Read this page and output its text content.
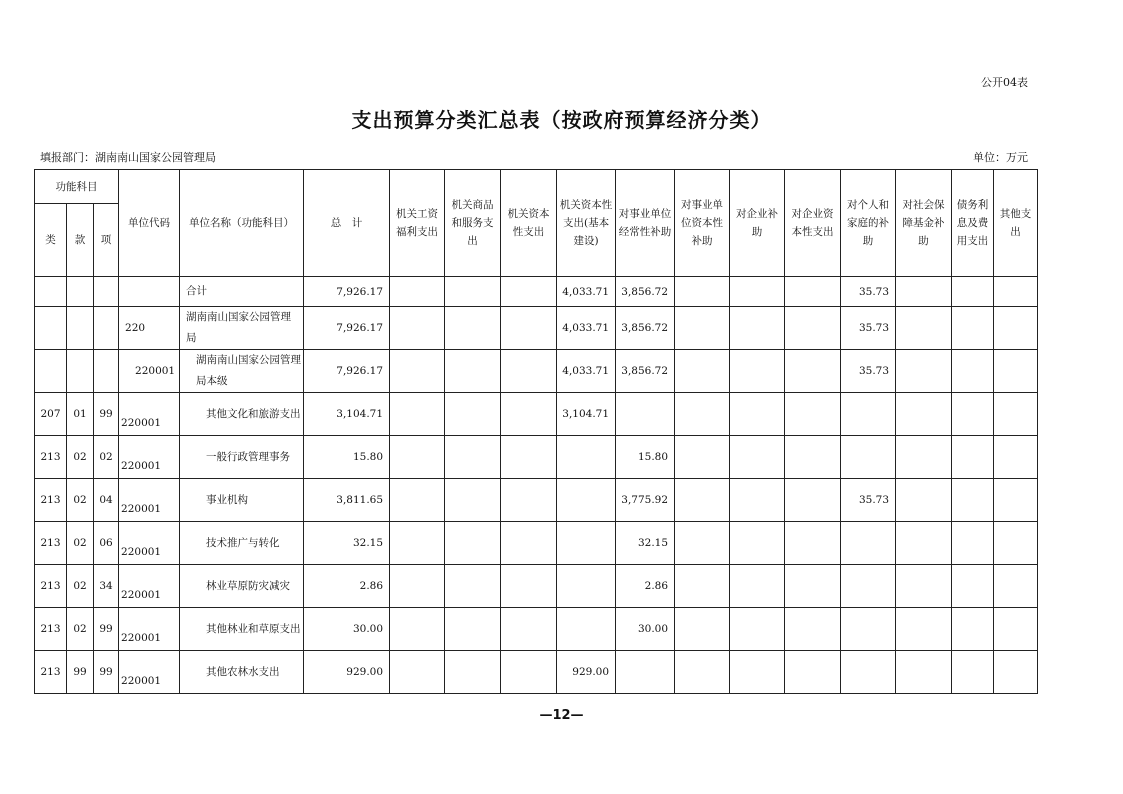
公开04表
支出预算分类汇总表（按政府预算经济分类）
填报部门：湖南南山国家公园管理局	单位：万元
功能科目			单位代码	单位名称（功能科目）	总　计	机关工资福利支出	机关商品和服务支出	机关资本性支出	机关资本性支出(基本建设)	对事业单位经常性补助	对事业单位资本性补助	对企业补助	对企业资本性支出	对个人和家庭的补助	对社会保障基金补助	债务利息及费用支出	其他支出
类	款	项															
				合计	7,926.17				4,033.71	3,856.72				35.73			
			220	湖南南山国家公园管理局	7,926.17				4,033.71	3,856.72				35.73			
			220001	湖南南山国家公园管理局本级	7,926.17				4,033.71	3,856.72				35.73			
207	01	99	220001	其他文化和旅游支出	3,104.71				3,104.71								
213	02	02	220001	一般行政管理事务	15.80					15.80							
213	02	04	220001	事业机构	3,811.65					3,775.92				35.73			
213	02	06	220001	技术推广与转化	32.15					32.15							
213	02	34	220001	林业草原防灾减灾	2.86					2.86							
213	02	99	220001	其他林业和草原支出	30.00					30.00							
213	99	99	220001	其他农林水支出	929.00				929.00								
—12—
